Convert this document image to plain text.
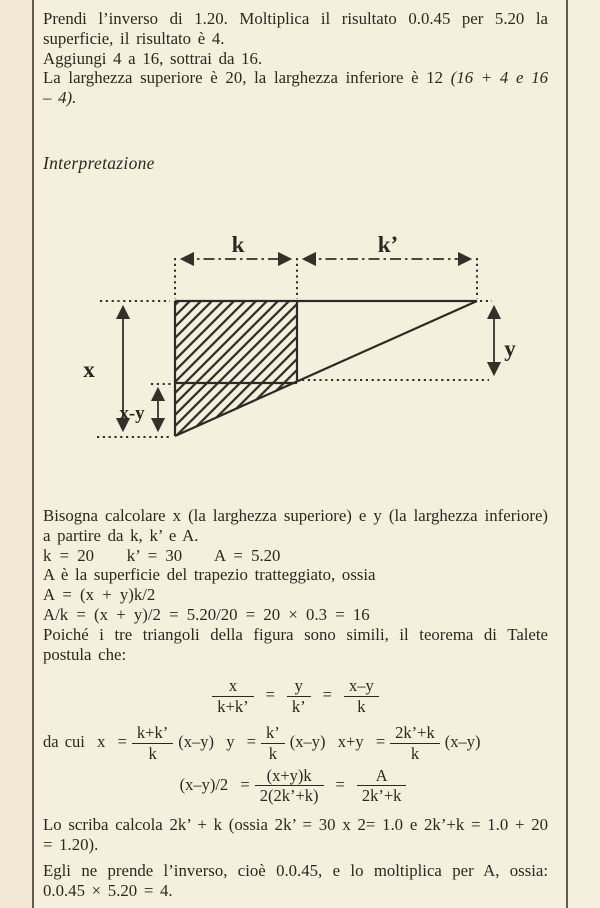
Prendi l’inverso di 1.20. Moltiplica il risultato 0.0.45 per 5.20 la superficie, il risultato è 4.

Aggiungi 4 a 16, sottrai da 16.

La larghezza superiore è 20, la larghezza inferiore è 12 (16 + 4 e 16 – 4).

Interpretazione

k	k’
x
y
x-y

Bisogna calcolare x (la larghezza superiore) e y (la larghezza inferiore) a partire da k, k’ e A.

k = 20    k’ = 30    A = 5.20

A è la superficie del trapezio tratteggiato, ossia

A = (x + y)k/2

A/k = (x + y)/2 = 5.20/20 = 20 × 0.3 = 16

Poiché i tre triangoli della figura sono simili, il teorema di Talete postula che:

$\frac{x}{k+k’} = \frac{y}{k’} = \frac{x-y}{k}$
da cui  $x = \frac{k+k’}{k} (x-y) y = \frac{k’}{k} (x-y) x+y = \frac{2k’+k}{k} (x-y)$
$(x-y)/2 = \frac{(x+y)k}{2(2k’+k)} = \frac{A}{2k’+k}$

Lo scriba calcola 2k’ + k (ossia 2k’ = 30 x 2= 1.0 e 2k’+k = 1.0 + 20 = 1.20).

Egli ne prende l’inverso, cioè 0.0.45, e lo moltiplica per A, ossia: 0.0.45 × 5.20 = 4.
